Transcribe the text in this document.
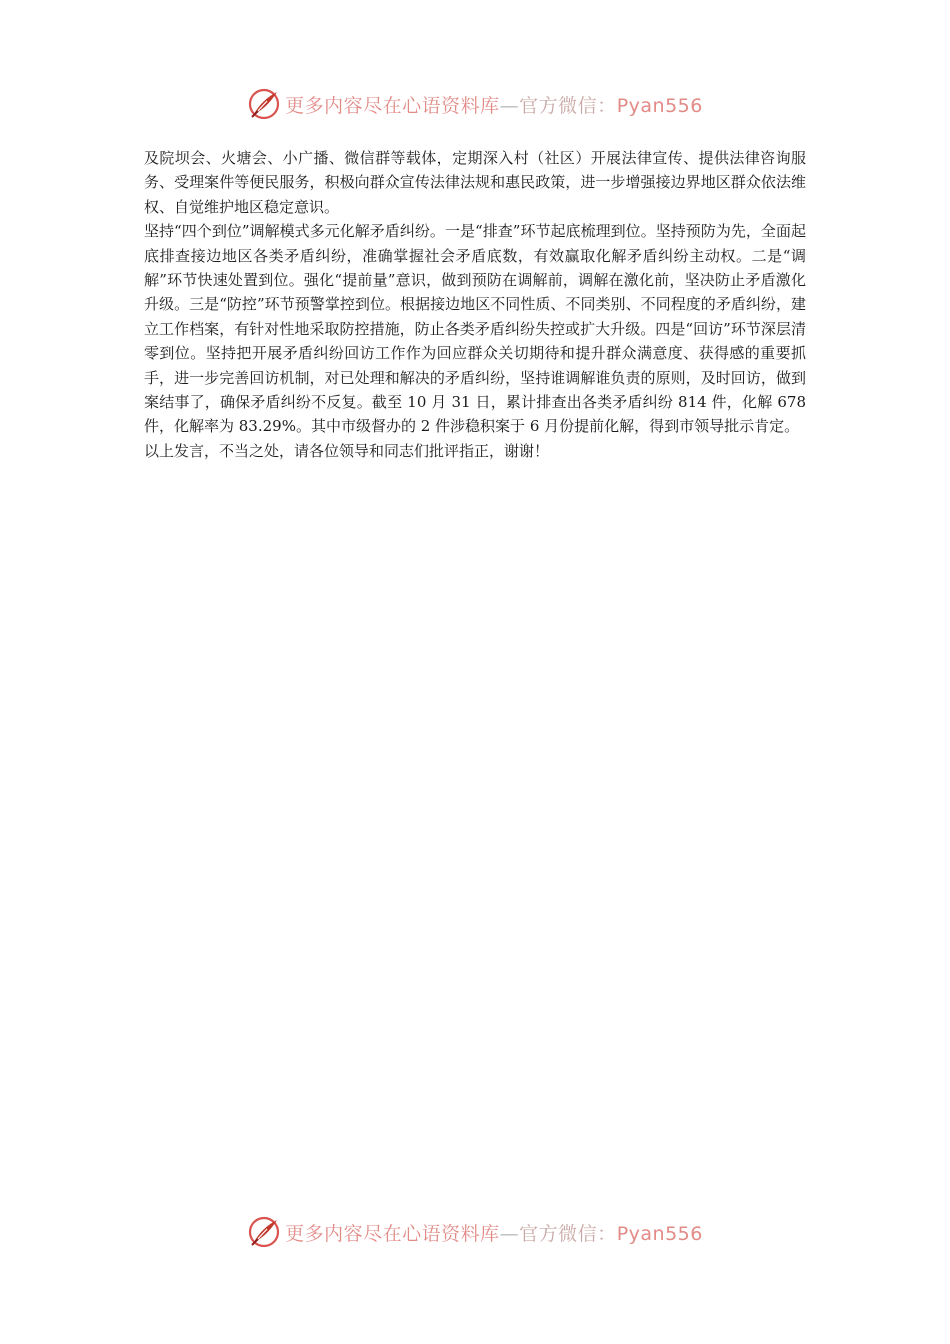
更多内容尽在心语资料库—官方微信：Pyan556

及院坝会、火塘会、小广播、微信群等载体，定期深入村（社区）开展法律宣传、提供法律咨询服务、受理案件等便民服务，积极向群众宣传法律法规和惠民政策，进一步增强接边界地区群众依法维权、自觉维护地区稳定意识。

坚持“四个到位”调解模式多元化解矛盾纠纷。一是“排查”环节起底梳理到位。坚持预防为先，全面起底排查接边地区各类矛盾纠纷，准确掌握社会矛盾底数，有效赢取化解矛盾纠纷主动权。二是“调解”环节快速处置到位。强化“提前量”意识，做到预防在调解前，调解在激化前，坚决防止矛盾激化升级。三是“防控”环节预警掌控到位。根据接边地区不同性质、不同类别、不同程度的矛盾纠纷，建立工作档案，有针对性地采取防控措施，防止各类矛盾纠纷失控或扩大升级。四是“回访”环节深层清零到位。坚持把开展矛盾纠纷回访工作作为回应群众关切期待和提升群众满意度、获得感的重要抓手，进一步完善回访机制，对已处理和解决的矛盾纠纷，坚持谁调解谁负责的原则，及时回访，做到案结事了，确保矛盾纠纷不反复。截至 10 月 31 日，累计排查出各类矛盾纠纷 814 件，化解 678 件，化解率为 83.29%。其中市级督办的 2 件涉稳积案于 6 月份提前化解，得到市领导批示肯定。

以上发言，不当之处，请各位领导和同志们批评指正，谢谢！

更多内容尽在心语资料库—官方微信：Pyan556
